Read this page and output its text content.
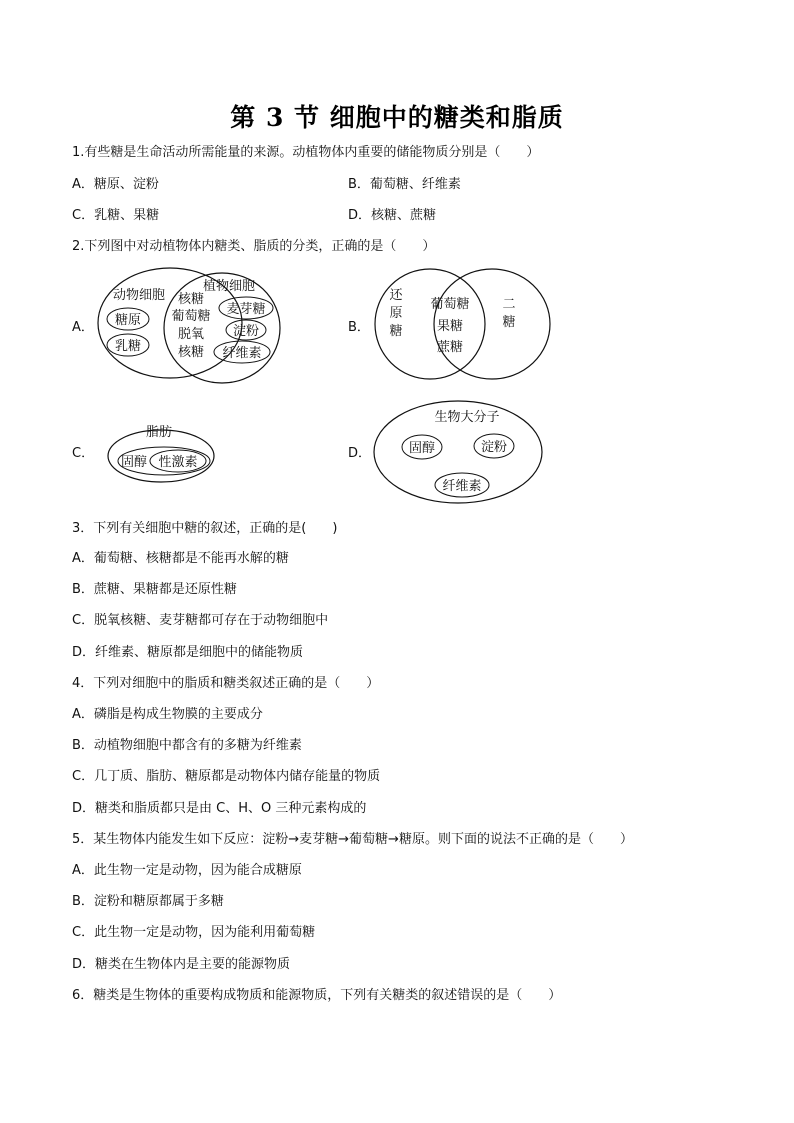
第 3 节 细胞中的糖类和脂质
1.有些糖是生命活动所需能量的来源。动植物体内重要的储能物质分别是（　　）
A．糖原、淀粉	B．葡萄糖、纤维素
C．乳糖、果糖	D．核糖、蔗糖
2.下列图中对动植物体内糖类、脂质的分类，正确的是（　　）
A．	B．
C．	D．
动物细胞
植物细胞
糖原
乳糖
核糖
葡萄糖
脱氧
核糖
麦芽糖
淀粉
纤维素
还
原
糖
葡萄糖
果糖
蔗糖
二
糖
脂肪
固醇 性激素
生物大分子
固醇	淀粉
纤维素
3．下列有关细胞中糖的叙述，正确的是(　　)
A．葡萄糖、核糖都是不能再水解的糖
B．蔗糖、果糖都是还原性糖
C．脱氧核糖、麦芽糖都可存在于动物细胞中
D．纤维素、糖原都是细胞中的储能物质
4．下列对细胞中的脂质和糖类叙述正确的是（　　）
A．磷脂是构成生物膜的主要成分
B．动植物细胞中都含有的多糖为纤维素
C．几丁质、脂肪、糖原都是动物体内储存能量的物质
D．糖类和脂质都只是由 C、H、O 三种元素构成的
5．某生物体内能发生如下反应：淀粉→麦芽糖→葡萄糖→糖原。则下面的说法不正确的是（　　）
A．此生物一定是动物，因为能合成糖原
B．淀粉和糖原都属于多糖
C．此生物一定是动物，因为能利用葡萄糖
D．糖类在生物体内是主要的能源物质
6．糖类是生物体的重要构成物质和能源物质，下列有关糖类的叙述错误的是（　　）
